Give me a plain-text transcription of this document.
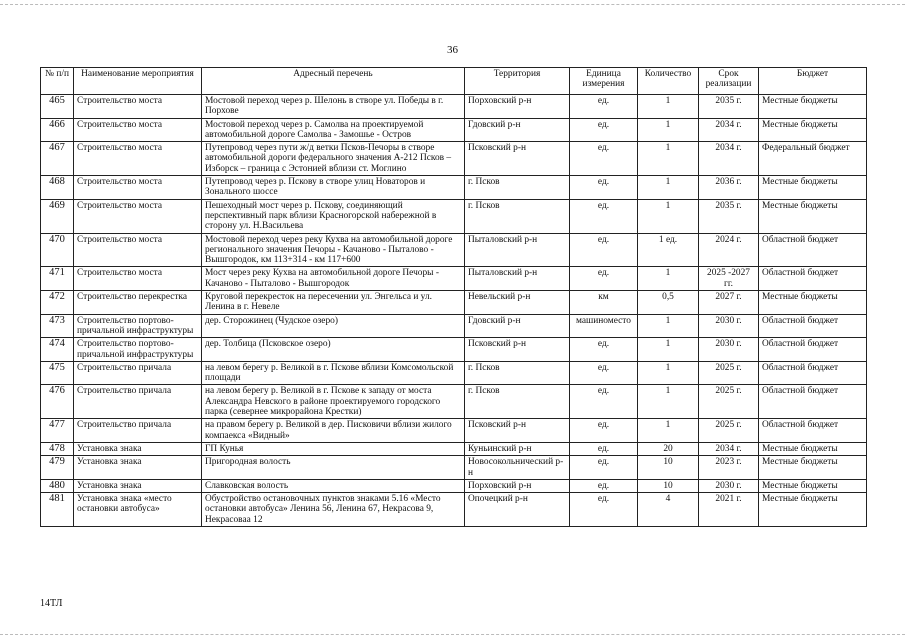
36
№ п/п	Наименование мероприятия	Адресный перечень	Территория	Единица измерения	Количество	Срок реализации	Бюджет
465	Строительство моста	Мостовой переход через р. Шелонь в створе ул. Победы в г. Порхове	Порховский р-н	ед.	1	2035 г.	Местные бюджеты
466	Строительство моста	Мостовой переход через р. Самолва на проектируемой автомобильной дороге Самолва - Замошье - Остров	Гдовский р-н	ед.	1	2034 г.	Местные бюджеты
467	Строительство моста	Путепровод через пути ж/д ветки Псков-Печоры в створе автомобильной дороги федерального значения А-212 Псков – Изборск – граница с Эстонией вблизи ст. Моглино	Псковский р-н	ед.	1	2034 г.	Федеральный бюджет
468	Строительство моста	Путепровод через р. Пскову в створе улиц Новаторов и Зонального шоссе	г. Псков	ед.	1	2036 г.	Местные бюджеты
469	Строительство моста	Пешеходный мост через р. Пскову, соединяющий перспективный парк вблизи Красногорской набережной в сторону ул. Н.Васильева	г. Псков	ед.	1	2035 г.	Местные бюджеты
470	Строительство моста	Мостовой переход через реку Кухва на автомобильной дороге регионального значения Печоры - Качаново - Пыталово - Вышгородок, км 113+314 - км 117+600	Пыталовский р-н	ед.	1 ед.	2024 г.	Областной бюджет
471	Строительство моста	Мост через реку Кухва на автомобильной дороге Печоры - Качаново - Пыталово - Вышгородок	Пыталовский р-н	ед.	1	2025 -2027 гг.	Областной бюджет
472	Строительство перекрестка	Круговой перекресток на пересечении ул. Энгельса и ул. Ленина в г. Невеле	Невельский р-н	км	0,5	2027 г.	Местные бюджеты
473	Строительство портово-причальной инфраструктуры	дер. Сторожинец (Чудское озеро)	Гдовский р-н	машиноместо	1	2030 г.	Областной бюджет
474	Строительство портово-причальной инфраструктуры	дер. Толбица (Псковское озеро)	Псковский р-н	ед.	1	2030 г.	Областной бюджет
475	Строительство причала	на левом берегу р. Великой в г. Пскове вблизи Комсомольской площади	г. Псков	ед.	1	2025 г.	Областной бюджет
476	Строительство причала	на левом берегу р. Великой в г. Пскове к западу от моста Александра Невского в районе проектируемого городского парка (севернее микрорайона Крестки)	г. Псков	ед.	1	2025 г.	Областной бюджет
477	Строительство причала	на правом берегу р. Великой в дер. Писковичи вблизи жилого компаекса «Видный»	Псковский р-н	ед.	1	2025 г.	Областной бюджет
478	Установка знака	ГП Кунья	Куньинский р-н	ед.	20	2034 г.	Местные бюджеты
479	Установка знака	Пригородная волость	Новосокольнический р-н	ед.	10	2023 г.	Местные бюджеты
480	Установка знака	Славковская волость	Порховский р-н	ед.	10	2030 г.	Местные бюджеты
481	Установка знака «место остановки автобуса»	Обустройство остановочных пунктов знаками 5.16 «Место остановки автобуса» Ленина 56, Ленина 67, Некрасова 9, Некрасоваа 12	Опочецкий р-н	ед.	4	2021 г.	Местные бюджеты
14ТЛ
